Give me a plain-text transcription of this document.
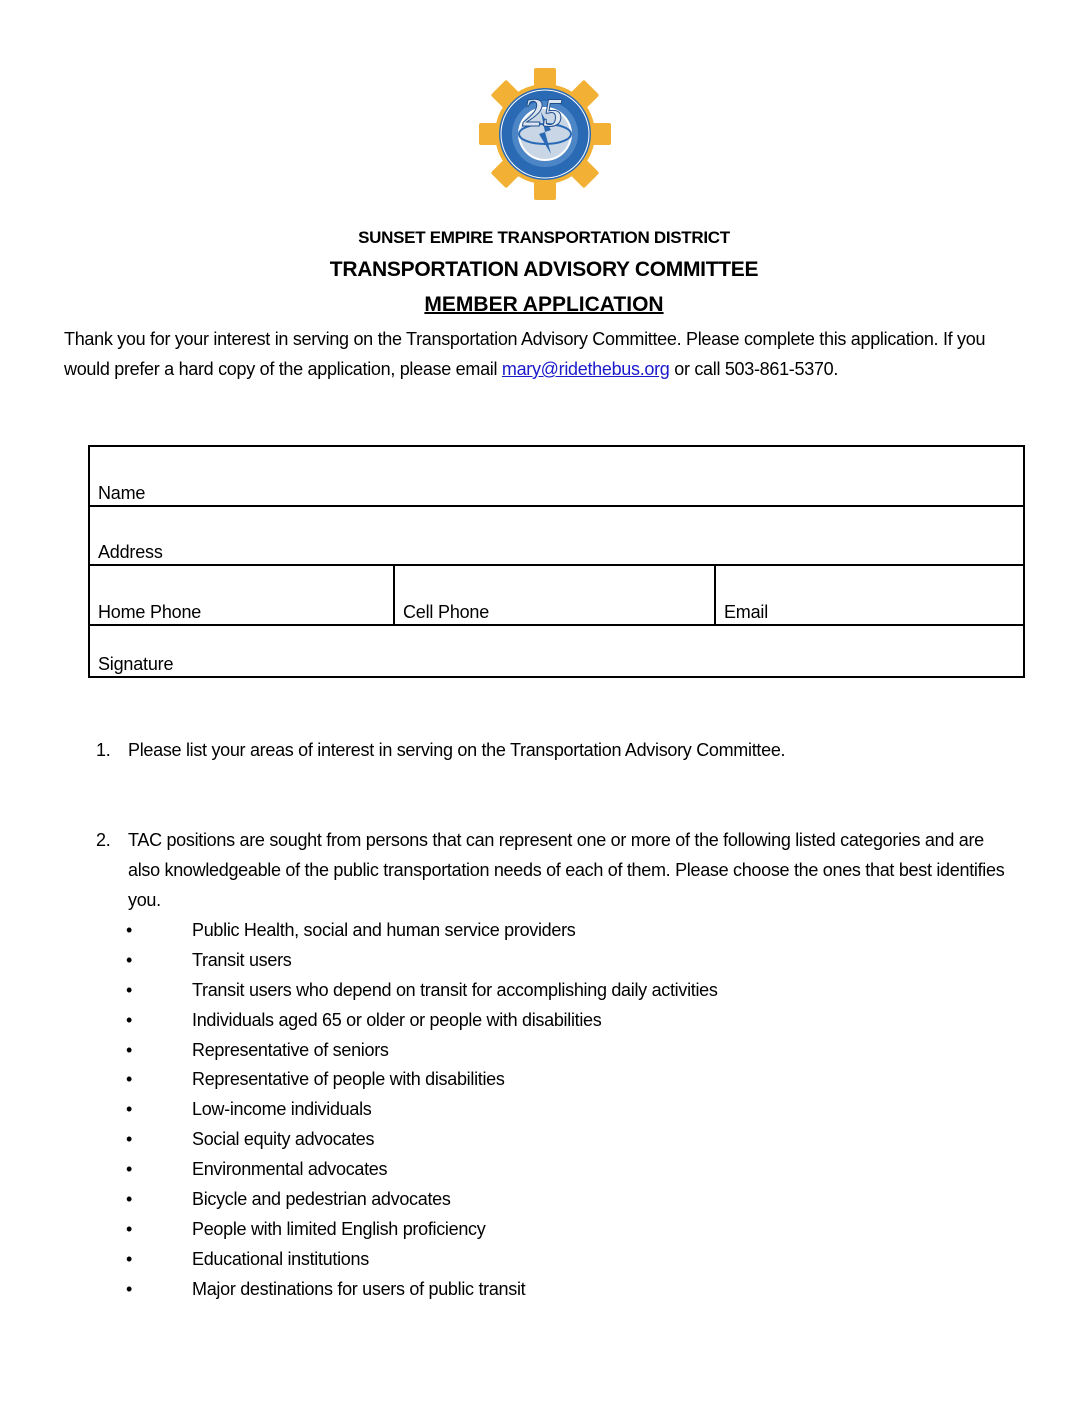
25
SUNSET EMPIRE TRANSPORTATION DISTRICT
TRANSPORTATION ADVISORY COMMITTEE
MEMBER APPLICATION
Thank you for your interest in serving on the Transportation Advisory Committee. Please complete this application. If you would prefer a hard copy of the application, please email mary@ridethebus.org or call 503-861-5370.
Name
Address
Home Phone	Cell Phone	Email
Signature
1. Please list your areas of interest in serving on the Transportation Advisory Committee.
2. TAC positions are sought from persons that can represent one or more of the following listed categories and are also knowledgeable of the public transportation needs of each of them. Please choose the ones that best identifies you.
•	Public Health, social and human service providers
•	Transit users
•	Transit users who depend on transit for accomplishing daily activities
•	Individuals aged 65 or older or people with disabilities
•	Representative of seniors
•	Representative of people with disabilities
•	Low-income individuals
•	Social equity advocates
•	Environmental advocates
•	Bicycle and pedestrian advocates
•	People with limited English proficiency
•	Educational institutions
•	Major destinations for users of public transit
